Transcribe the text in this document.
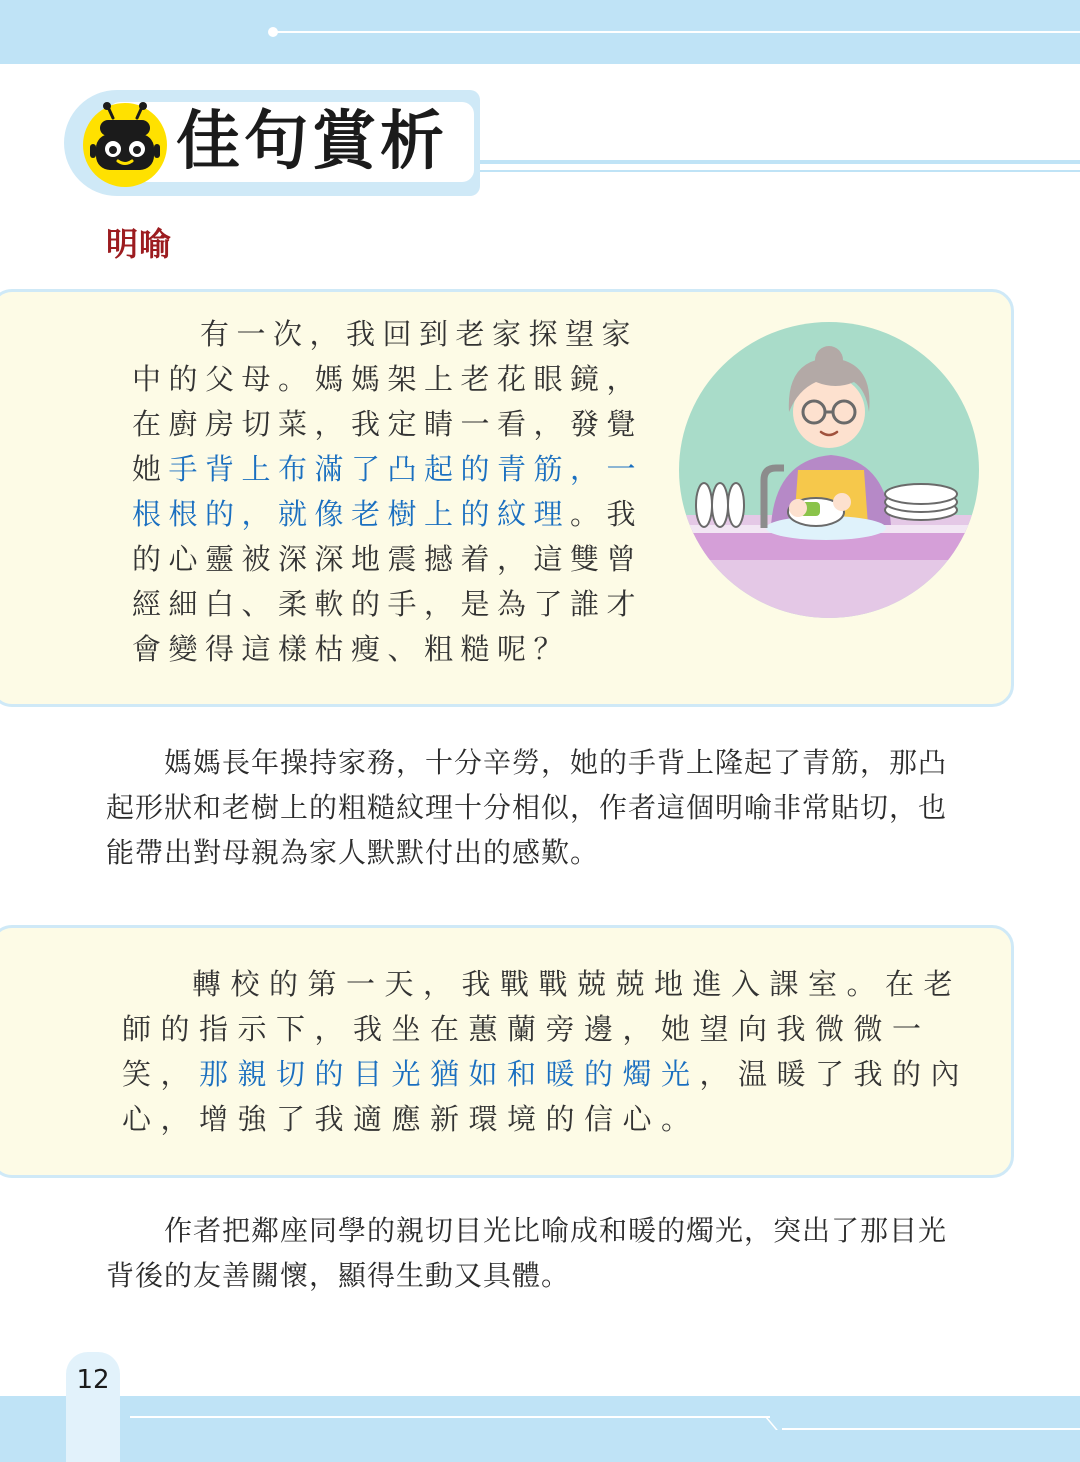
佳句賞析
明喻

有一次，我回到老家探望家中的父母。媽媽架上老花眼鏡，在廚房切菜，我定睛一看，發覺她手背上布滿了凸起的青筋，一根根的，就像老樹上的紋理。我的心靈被深深地震撼着，這雙曾經細白、柔軟的手，是為了誰才會變得這樣枯瘦、粗糙呢？

媽媽長年操持家務，十分辛勞，她的手背上隆起了青筋，那凸起形狀和老樹上的粗糙紋理十分相似，作者這個明喻非常貼切，也能帶出對母親為家人默默付出的感歎。

轉校的第一天，我戰戰兢兢地進入課室。在老師的指示下，我坐在蕙蘭旁邊，她望向我微微一笑，那親切的目光猶如和暖的燭光，温暖了我的內心，增強了我適應新環境的信心。

作者把鄰座同學的親切目光比喻成和暖的燭光，突出了那目光背後的友善關懷，顯得生動又具體。

12
